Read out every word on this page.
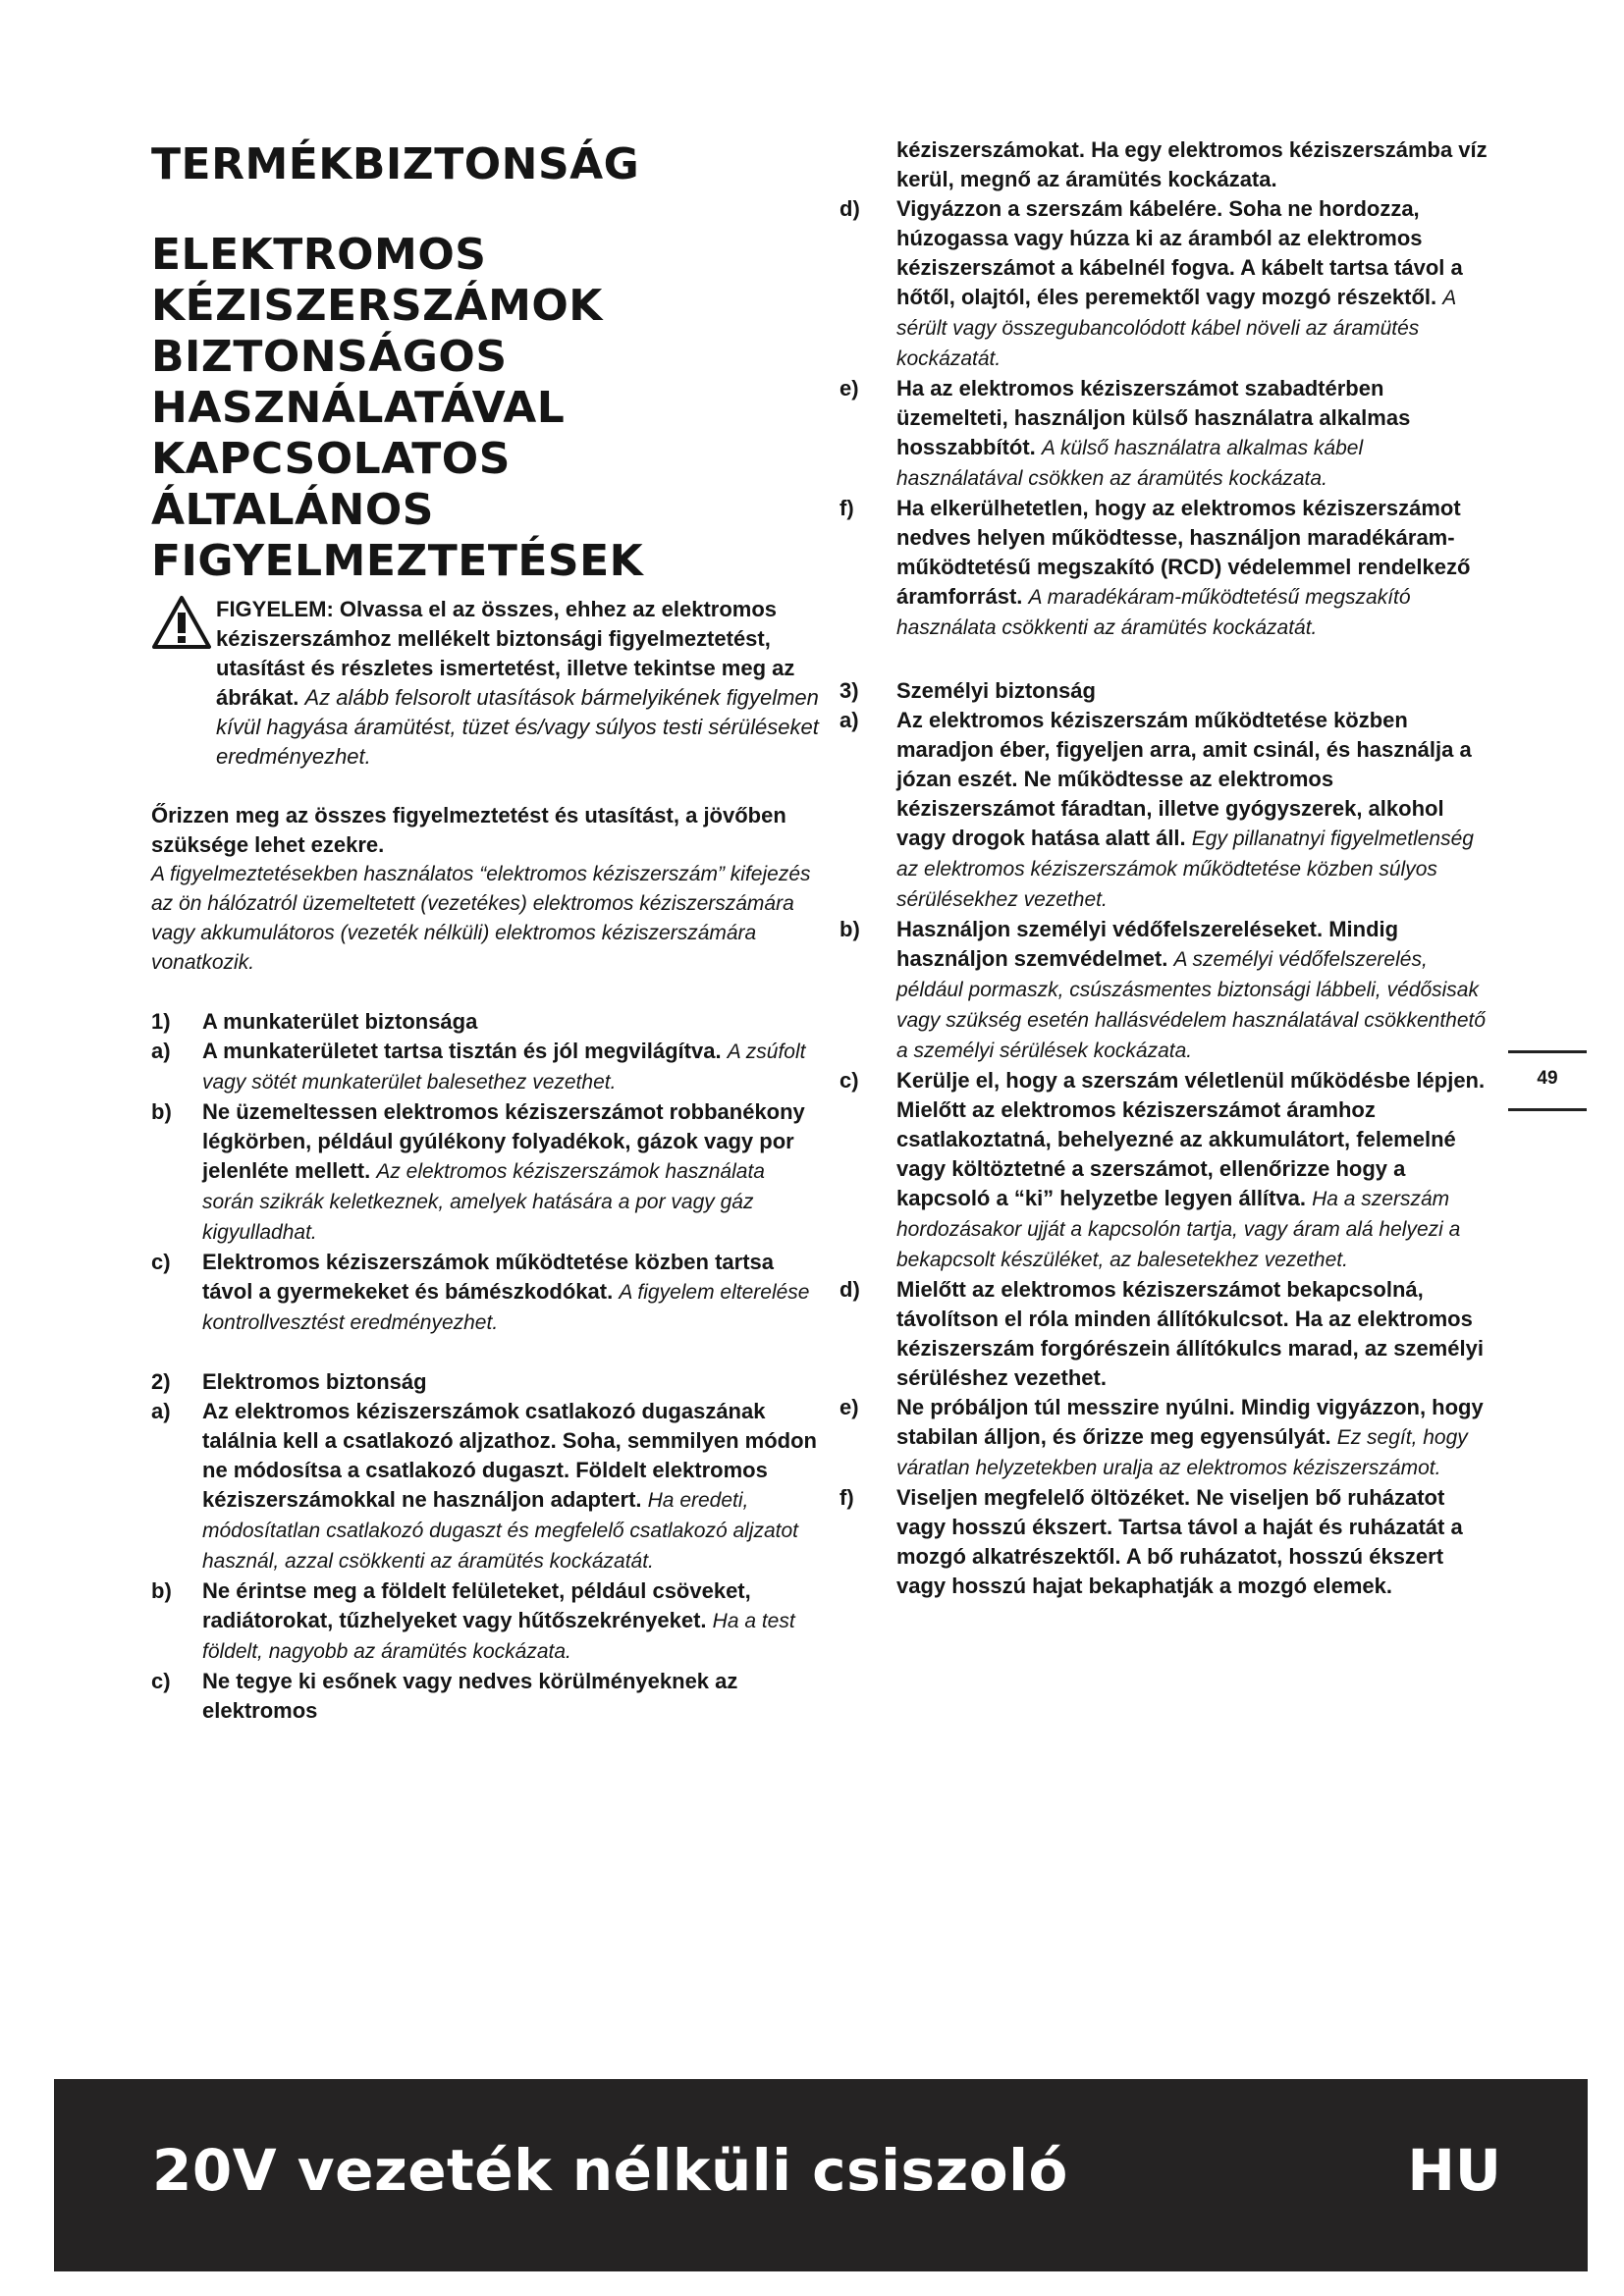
TERMÉKBIZTONSÁG
ELEKTROMOS
KÉZISZERSZÁMOK
BIZTONSÁGOS
HASZNÁLATÁVAL
KAPCSOLATOS
ÁLTALÁNOS
FIGYELMEZTETÉSEK

FIGYELEM: Olvassa el az összes, ehhez az elektromos kéziszerszámhoz mellékelt biztonsági figyelmeztetést, utasítást és részletes ismertetést, illetve tekintse meg az ábrákat. Az alább felsorolt utasítások bármelyikének figyelmen kívül hagyása áramütést, tüzet és/vagy súlyos testi sérüléseket eredményezhet.

Őrizzen meg az összes figyelmeztetést és utasítást, a jövőben szüksége lehet ezekre.

A figyelmeztetésekben használatos “elektromos kéziszerszám” kifejezés az ön hálózatról üzemeltetett (vezetékes) elektromos kéziszerszámára vagy akkumulátoros (vezeték nélküli) elektromos kéziszerszámára vonatkozik.

1) A munkaterület biztonsága
a) A munkaterületet tartsa tisztán és jól megvilágítva. A zsúfolt vagy sötét munkaterület balesethez vezethet.
b) Ne üzemeltessen elektromos kéziszerszámot robbanékony légkörben, például gyúlékony folyadékok, gázok vagy por jelenléte mellett. Az elektromos kéziszerszámok használata során szikrák keletkeznek, amelyek hatására a por vagy gáz kigyulladhat.
c) Elektromos kéziszerszámok működtetése közben tartsa távol a gyermekeket és bámészkodókat. A figyelem elterelése kontrollvesztést eredményezhet.
2) Elektromos biztonság
a) Az elektromos kéziszerszámok csatlakozó dugaszának találnia kell a csatlakozó aljzathoz. Soha, semmilyen módon ne módosítsa a csatlakozó dugaszt. Földelt elektromos kéziszerszámokkal ne használjon adaptert. Ha eredeti, módosítatlan csatlakozó dugaszt és megfelelő csatlakozó aljzatot használ, azzal csökkenti az áramütés kockázatát.
b) Ne érintse meg a földelt felületeket, például csöveket, radiátorokat, tűzhelyeket vagy hűtőszekrényeket. Ha a test földelt, nagyobb az áramütés kockázata.
c) Ne tegye ki esőnek vagy nedves körülményeknek az elektromos
kéziszerszámokat. Ha egy elektromos kéziszerszámba víz kerül, megnő az áramütés kockázata.
d) Vigyázzon a szerszám kábelére. Soha ne hordozza, húzogassa vagy húzza ki az áramból az elektromos kéziszerszámot a kábelnél fogva. A kábelt tartsa távol a hőtől, olajtól, éles peremektől vagy mozgó részektől. A sérült vagy összegubancolódott kábel növeli az áramütés kockázatát.
e) Ha az elektromos kéziszerszámot szabadtérben üzemelteti, használjon külső használatra alkalmas hosszabbítót. A külső használatra alkalmas kábel használatával csökken az áramütés kockázata.
f) Ha elkerülhetetlen, hogy az elektromos kéziszerszámot nedves helyen működtesse, használjon maradékáram-működtetésű megszakító (RCD) védelemmel rendelkező áramforrást. A maradékáram-működtetésű megszakító használata csökkenti az áramütés kockázatát.
3) Személyi biztonság
a) Az elektromos kéziszerszám működtetése közben maradjon éber, figyeljen arra, amit csinál, és használja a józan eszét. Ne működtesse az elektromos kéziszerszámot fáradtan, illetve gyógyszerek, alkohol vagy drogok hatása alatt áll. Egy pillanatnyi figyelmetlenség az elektromos kéziszerszámok működtetése közben súlyos sérülésekhez vezethet.
b) Használjon személyi védőfelszereléseket. Mindig használjon szemvédelmet. A személyi védőfelszerelés, például pormaszk, csúszásmentes biztonsági lábbeli, védősisak vagy szükség esetén hallásvédelem használatával csökkenthető a személyi sérülések kockázata.
c) Kerülje el, hogy a szerszám véletlenül működésbe lépjen. Mielőtt az elektromos kéziszerszámot áramhoz csatlakoztatná, behelyezné az akkumulátort, felemelné vagy költöztetné a szerszámot, ellenőrizze hogy a kapcsoló a “ki” helyzetbe legyen állítva. Ha a szerszám hordozásakor ujját a kapcsolón tartja, vagy áram alá helyezi a bekapcsolt készüléket, az balesetekhez vezethet.
d) Mielőtt az elektromos kéziszerszámot bekapcsolná, távolítson el róla minden állítókulcsot. Ha az elektromos kéziszerszám forgórészein állítókulcs marad, az személyi sérüléshez vezethet.
e) Ne próbáljon túl messzire nyúlni. Mindig vigyázzon, hogy stabilan álljon, és őrizze meg egyensúlyát. Ez segít, hogy váratlan helyzetekben uralja az elektromos kéziszerszámot.
f) Viseljen megfelelő öltözéket. Ne viseljen bő ruházatot vagy hosszú ékszert. Tartsa távol a haját és ruházatát a mozgó alkatrészektől. A bő ruházatot, hosszú ékszert vagy hosszú hajat bekaphatják a mozgó elemek.
49
20V vezeték nélküli csiszoló	HU
